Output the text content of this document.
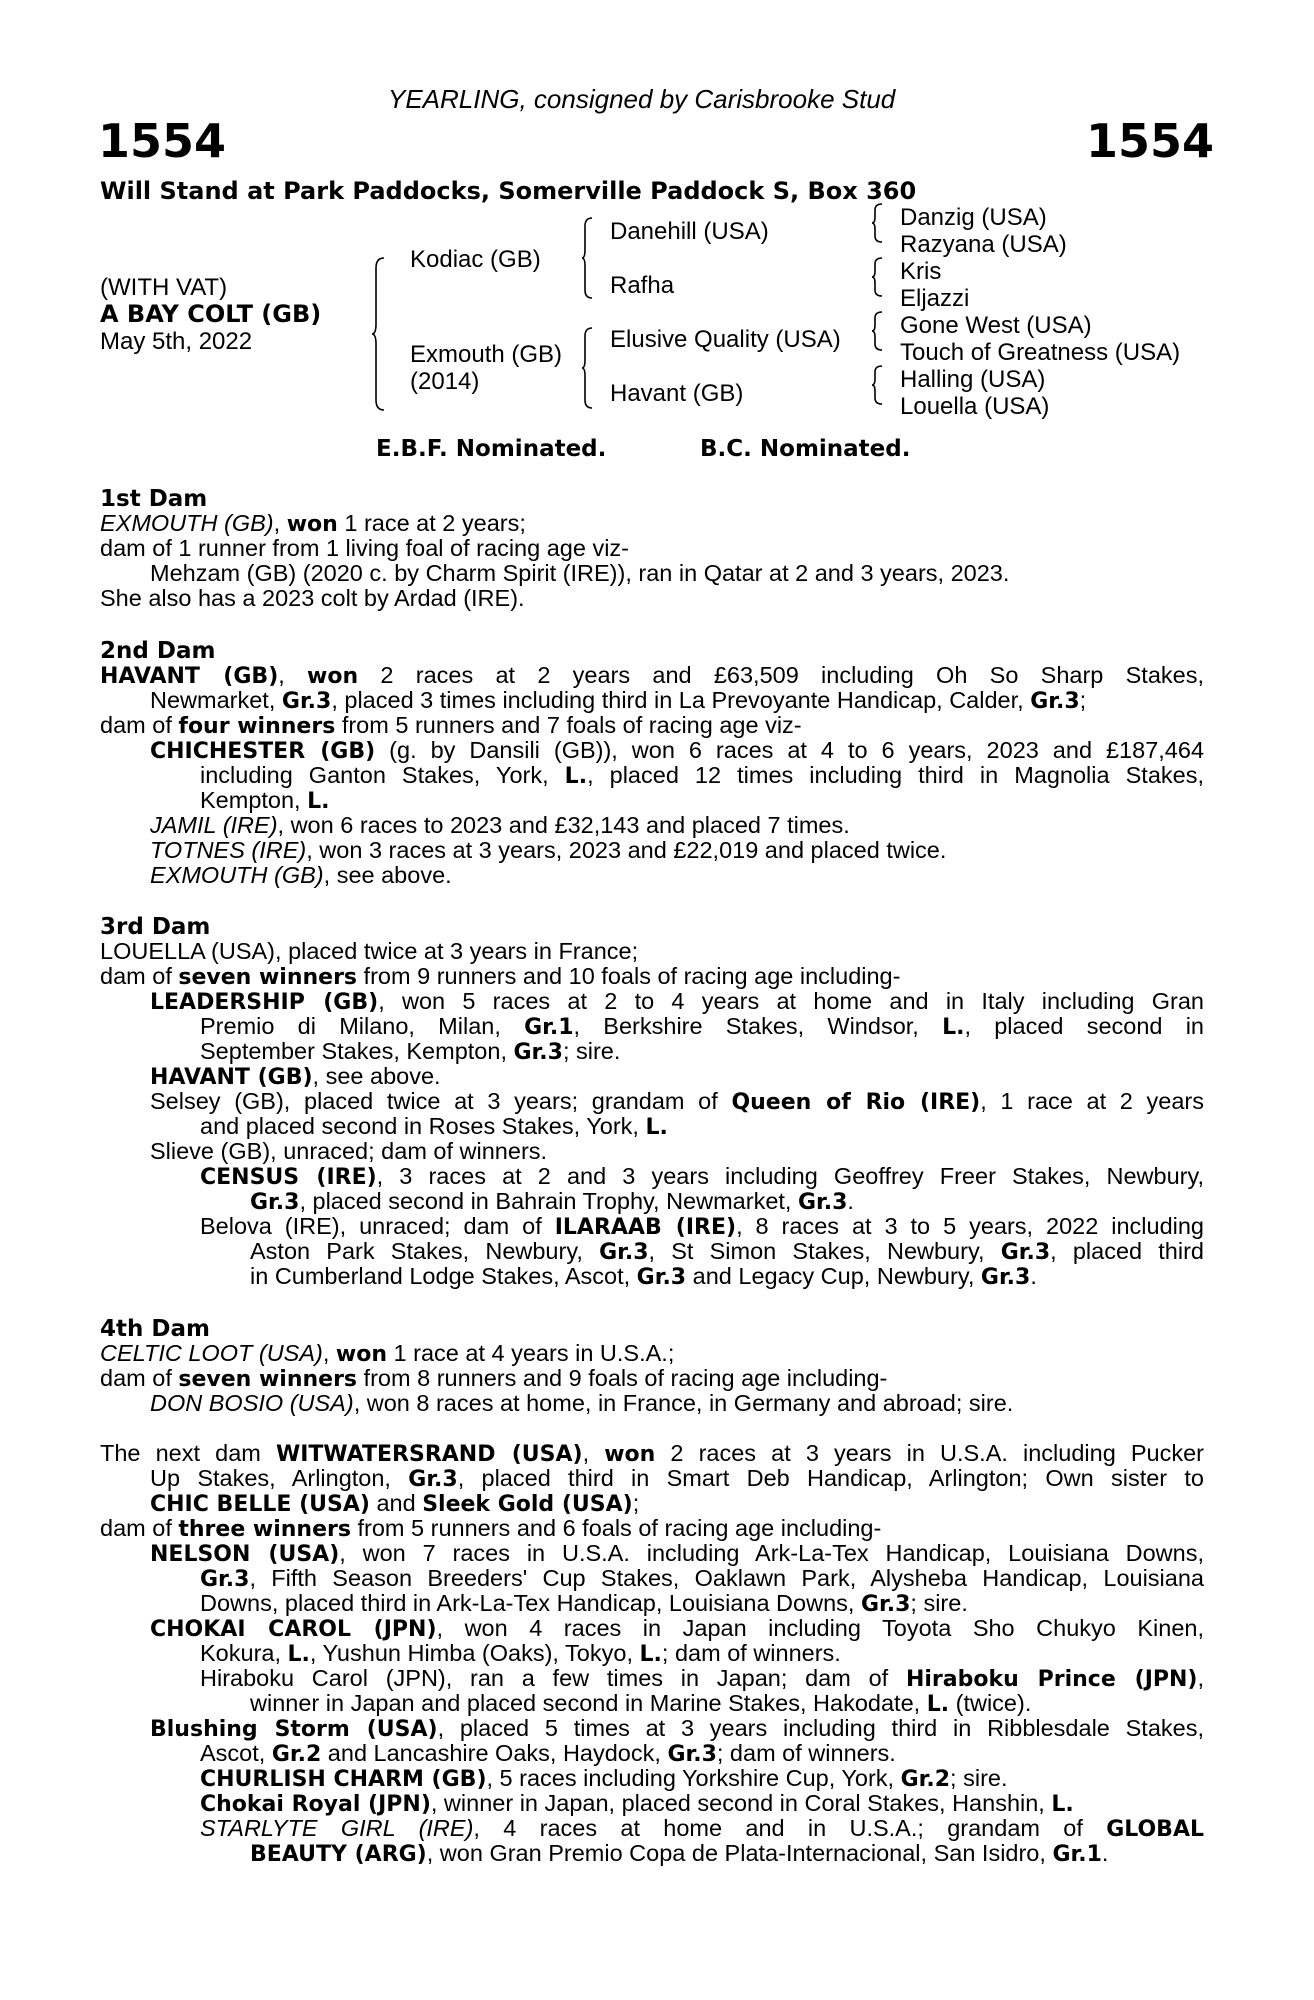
YEARLING, consigned by Carisbrooke Stud
1554	1554
Will Stand at Park Paddocks, Somerville Paddock S, Box 360
(WITH VAT)
A BAY COLT (GB)
May 5th, 2022
Kodiac (GB)
Exmouth (GB)
(2014)
Danehill (USA)
Rafha
Elusive Quality (USA)
Havant (GB)
Danzig (USA)
Razyana (USA)
Kris
Eljazzi
Gone West (USA)
Touch of Greatness (USA)
Halling (USA)
Louella (USA)
E.B.F. Nominated.	B.C. Nominated.
1st Dam
EXMOUTH (GB), won 1 race at 2 years;
dam of 1 runner from 1 living foal of racing age viz-
Mehzam (GB) (2020 c. by Charm Spirit (IRE)), ran in Qatar at 2 and 3 years, 2023.
She also has a 2023 colt by Ardad (IRE).
2nd Dam
HAVANT (GB), won 2 races at 2 years and £63,509 including Oh So Sharp Stakes,
Newmarket, Gr.3, placed 3 times including third in La Prevoyante Handicap, Calder, Gr.3;
dam of four winners from 5 runners and 7 foals of racing age viz-
CHICHESTER (GB) (g. by Dansili (GB)), won 6 races at 4 to 6 years, 2023 and £187,464
including Ganton Stakes, York, L., placed 12 times including third in Magnolia Stakes,
Kempton, L.
JAMIL (IRE), won 6 races to 2023 and £32,143 and placed 7 times.
TOTNES (IRE), won 3 races at 3 years, 2023 and £22,019 and placed twice.
EXMOUTH (GB), see above.
3rd Dam
LOUELLA (USA), placed twice at 3 years in France;
dam of seven winners from 9 runners and 10 foals of racing age including-
LEADERSHIP (GB), won 5 races at 2 to 4 years at home and in Italy including Gran
Premio di Milano, Milan, Gr.1, Berkshire Stakes, Windsor, L., placed second in
September Stakes, Kempton, Gr.3; sire.
HAVANT (GB), see above.
Selsey (GB), placed twice at 3 years; grandam of Queen of Rio (IRE), 1 race at 2 years
and placed second in Roses Stakes, York, L.
Slieve (GB), unraced; dam of winners.
CENSUS (IRE), 3 races at 2 and 3 years including Geoffrey Freer Stakes, Newbury,
Gr.3, placed second in Bahrain Trophy, Newmarket, Gr.3.
Belova (IRE), unraced; dam of ILARAAB (IRE), 8 races at 3 to 5 years, 2022 including
Aston Park Stakes, Newbury, Gr.3, St Simon Stakes, Newbury, Gr.3, placed third
in Cumberland Lodge Stakes, Ascot, Gr.3 and Legacy Cup, Newbury, Gr.3.
4th Dam
CELTIC LOOT (USA), won 1 race at 4 years in U.S.A.;
dam of seven winners from 8 runners and 9 foals of racing age including-
DON BOSIO (USA), won 8 races at home, in France, in Germany and abroad; sire.
The next dam WITWATERSRAND (USA), won 2 races at 3 years in U.S.A. including Pucker
Up Stakes, Arlington, Gr.3, placed third in Smart Deb Handicap, Arlington; Own sister to
CHIC BELLE (USA) and Sleek Gold (USA);
dam of three winners from 5 runners and 6 foals of racing age including-
NELSON (USA), won 7 races in U.S.A. including Ark-La-Tex Handicap, Louisiana Downs,
Gr.3, Fifth Season Breeders' Cup Stakes, Oaklawn Park, Alysheba Handicap, Louisiana
Downs, placed third in Ark-La-Tex Handicap, Louisiana Downs, Gr.3; sire.
CHOKAI CAROL (JPN), won 4 races in Japan including Toyota Sho Chukyo Kinen,
Kokura, L., Yushun Himba (Oaks), Tokyo, L.; dam of winners.
Hiraboku Carol (JPN), ran a few times in Japan; dam of Hiraboku Prince (JPN),
winner in Japan and placed second in Marine Stakes, Hakodate, L. (twice).
Blushing Storm (USA), placed 5 times at 3 years including third in Ribblesdale Stakes,
Ascot, Gr.2 and Lancashire Oaks, Haydock, Gr.3; dam of winners.
CHURLISH CHARM (GB), 5 races including Yorkshire Cup, York, Gr.2; sire.
Chokai Royal (JPN), winner in Japan, placed second in Coral Stakes, Hanshin, L.
STARLYTE GIRL (IRE), 4 races at home and in U.S.A.; grandam of GLOBAL
BEAUTY (ARG), won Gran Premio Copa de Plata-Internacional, San Isidro, Gr.1.
